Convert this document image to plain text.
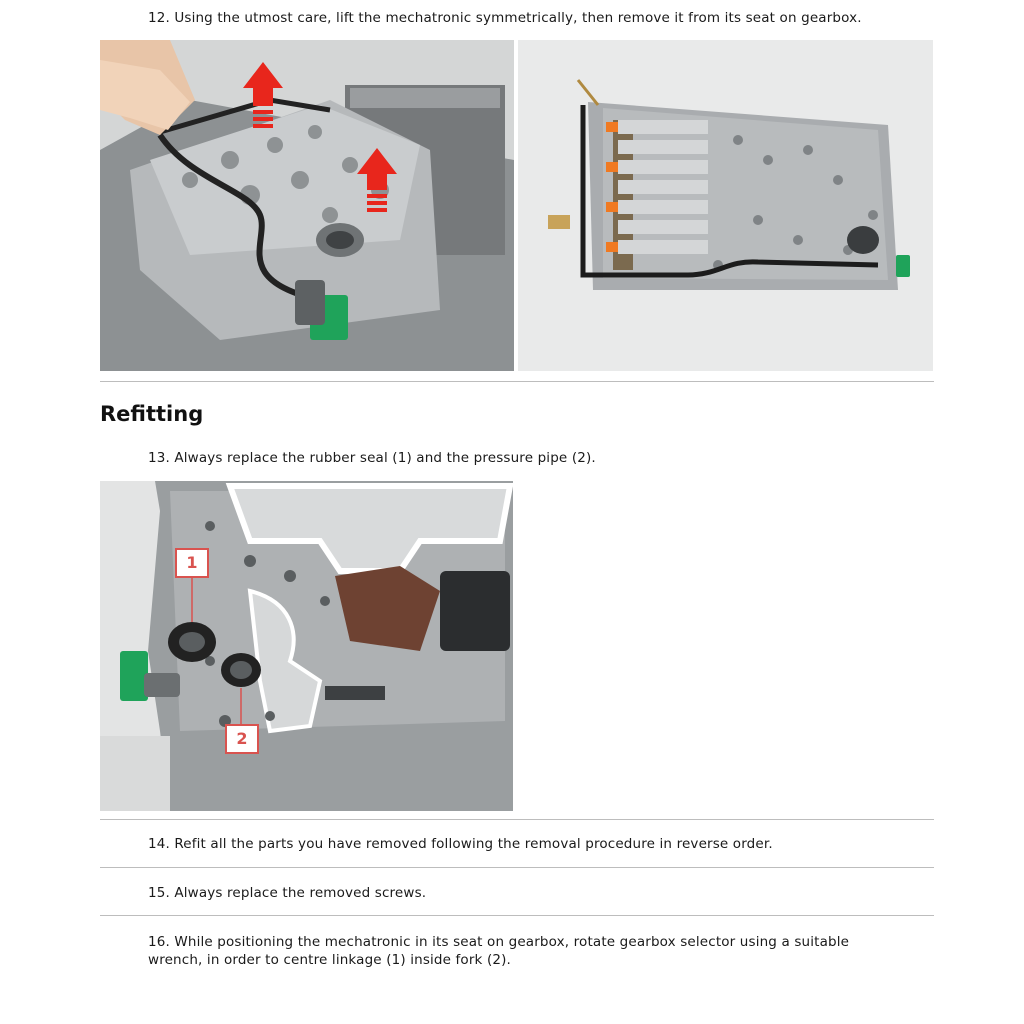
12. Using the utmost care, lift the mechatronic symmetrically, then remove it from its seat on gearbox.
Refitting
13. Always replace the rubber seal (1) and the pressure pipe (2).
1
2
14. Refit all the parts you have removed following the removal procedure in reverse order.
15. Always replace the removed screws.
16. While positioning the mechatronic in its seat on gearbox, rotate gearbox selector using a suitable
wrench, in order to centre linkage (1) inside fork (2).
